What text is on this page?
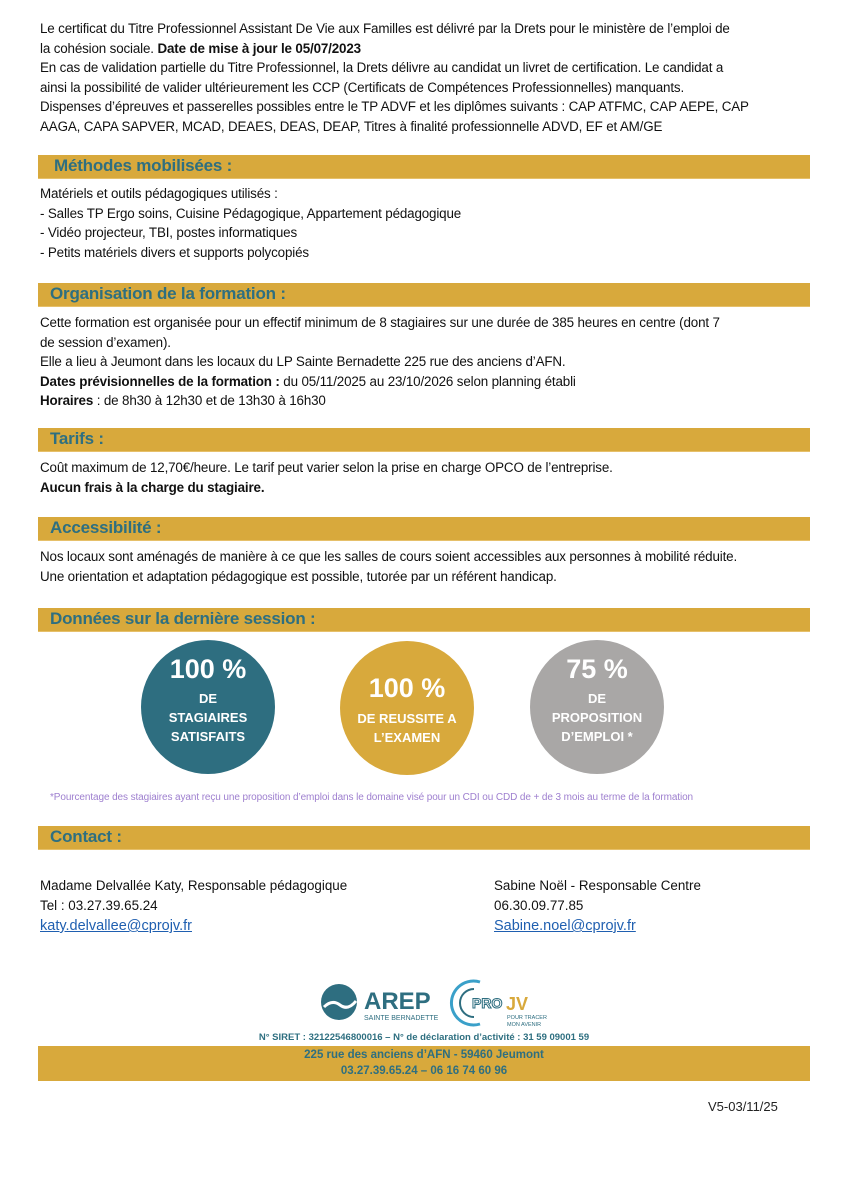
Le certificat du Titre Professionnel Assistant De Vie aux Familles est délivré par la Drets pour le ministère de l’emploi de
la cohésion sociale. Date de mise à jour le 05/07/2023
En cas de validation partielle du Titre Professionnel, la Drets délivre au candidat un livret de certification. Le candidat a
ainsi la possibilité de valider ultérieurement les CCP (Certificats de Compétences Professionnelles) manquants.
Dispenses d’épreuves et passerelles possibles entre le TP ADVF et les diplômes suivants : CAP ATFMC, CAP AEPE, CAP
AAGA, CAPA SAPVER, MCAD, DEAES, DEAS, DEAP, Titres à finalité professionnelle ADVD, EF et AM/GE
Méthodes mobilisées :
Matériels et outils pédagogiques utilisés :
- Salles TP Ergo soins, Cuisine Pédagogique, Appartement pédagogique
- Vidéo projecteur, TBI, postes informatiques
- Petits matériels divers et supports polycopiés
Organisation de la formation :
Cette formation est organisée pour un effectif minimum de 8 stagiaires sur une durée de 385 heures en centre (dont 7
de session d’examen).
Elle a lieu à Jeumont dans les locaux du LP Sainte Bernadette 225 rue des anciens d’AFN.
Dates prévisionnelles de la formation : du 05/11/2025 au 23/10/2026 selon planning établi
Horaires : de 8h30 à 12h30 et de 13h30 à 16h30
Tarifs :
Coût maximum de 12,70€/heure. Le tarif peut varier selon la prise en charge OPCO de l’entreprise.
Aucun frais à la charge du stagiaire.
Accessibilité :
Nos locaux sont aménagés de manière à ce que les salles de cours soient accessibles aux personnes à mobilité réduite.
Une orientation et adaptation pédagogique est possible, tutorée par un référent handicap.
Données sur la dernière session :
100 %
DE
STAGIAIRES
SATISFAITS
100 %
DE REUSSITE A
L’EXAMEN
75 %
DE
PROPOSITION
D’EMPLOI *
*Pourcentage des stagiaires ayant reçu une proposition d’emploi dans le domaine visé pour un CDI ou CDD de + de 3 mois au terme de la formation
Contact :
Madame Delvallée Katy, Responsable pédagogique
Tel : 03.27.39.65.24
katy.delvallee@cprojv.fr
Sabine Noël - Responsable Centre
06.30.09.77.85
Sabine.noel@cprojv.fr
AREP
SAINTE BERNADETTE
PRO JV
POUR TRACER
MON AVENIR
N° SIRET : 32122546800016 – N° de déclaration d’activité : 31 59 09001 59
225 rue des anciens d’AFN - 59460 Jeumont
03.27.39.65.24 – 06 16 74 60 96
V5-03/11/25
